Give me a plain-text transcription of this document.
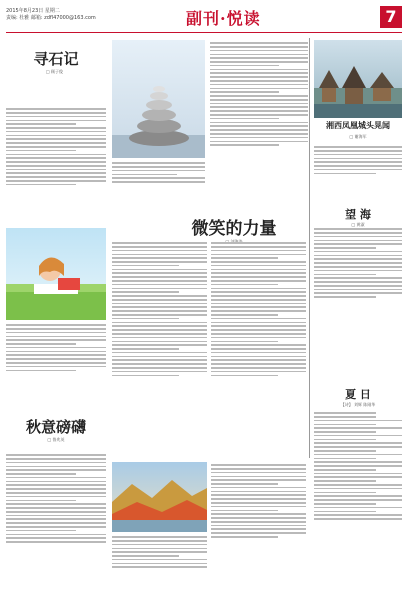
2015年8月23日 星期二
责编: 杜雅 邮箱: zdfl47000@163.com	副刊·悦读	7
寻石记
□ 顾子俊
湘西凤凰城头晃闻
□ 谢海军
微笑的力量
望 海
□ 黄淑
秋意磅礴
□ 鲁兆英
夏 日
【诗】 刘辉 陈刚华
